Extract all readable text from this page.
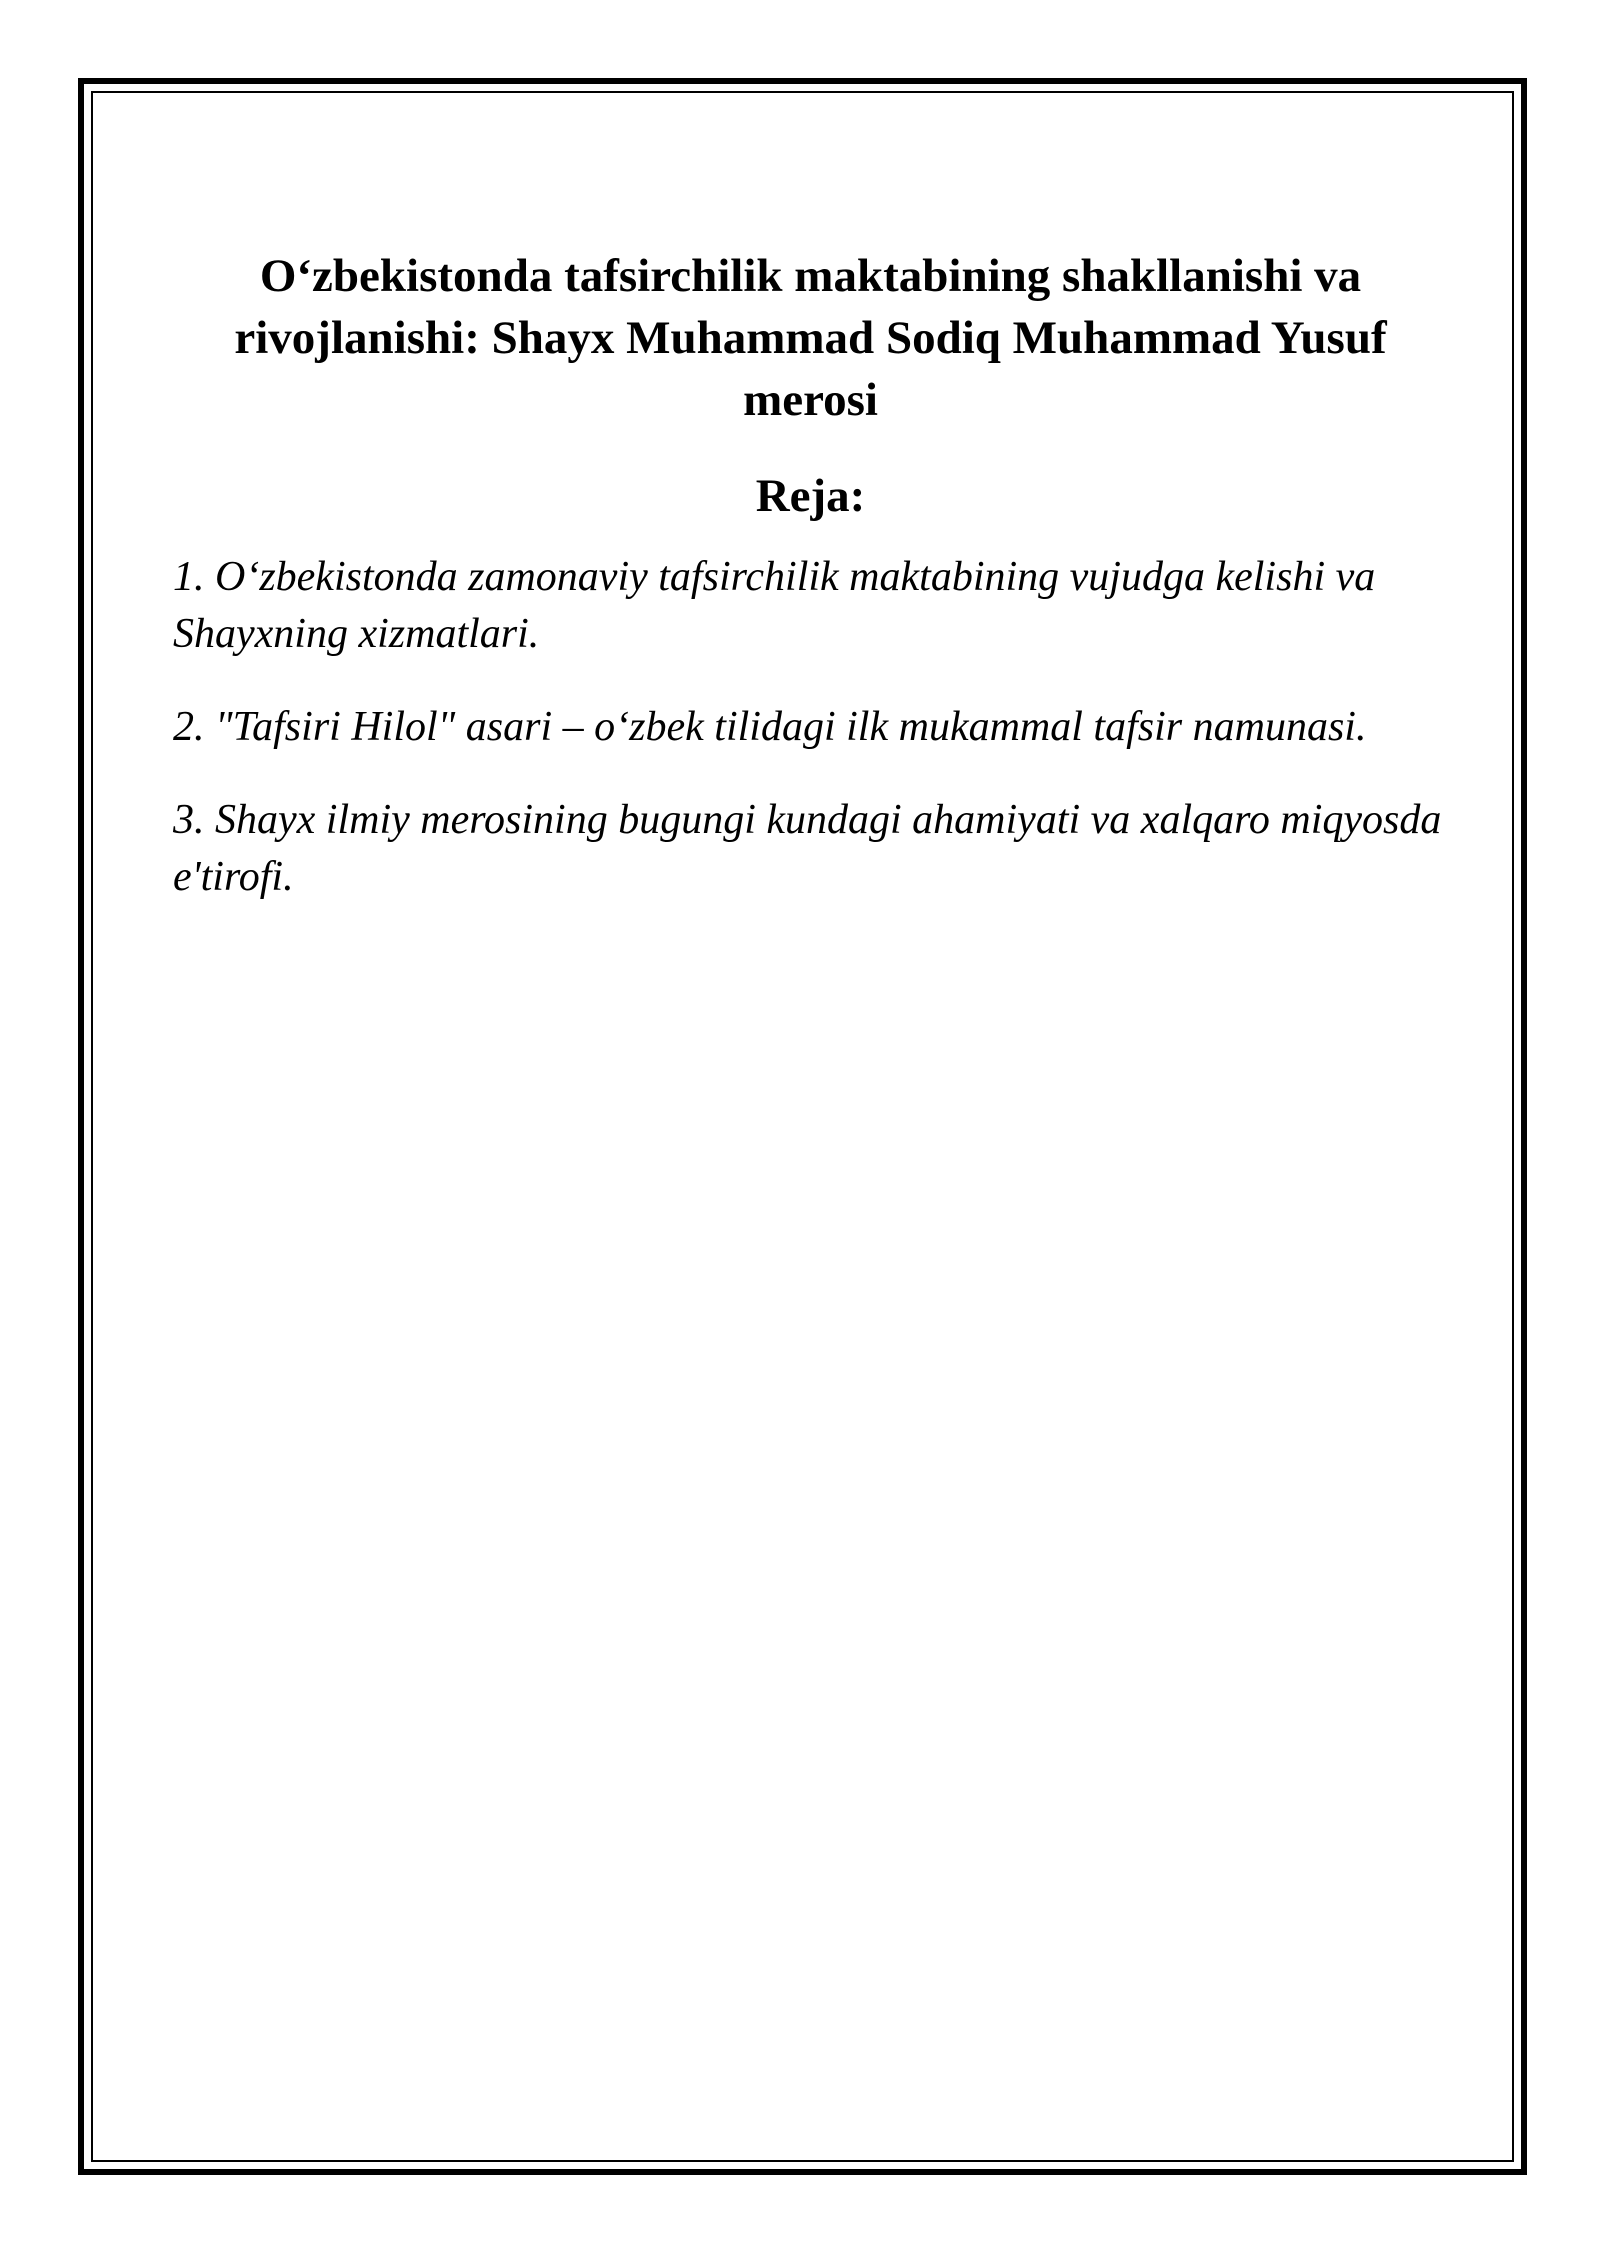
O‘zbekistonda tafsirchilik maktabining shakllanishi va rivojlanishi: Shayx Muhammad Sodiq Muhammad Yusuf merosi
Reja:
1. O‘zbekistonda zamonaviy tafsirchilik maktabining vujudga kelishi va Shayxning xizmatlari.
2. "Tafsiri Hilol" asari – o‘zbek tilidagi ilk mukammal tafsir namunasi.
3. Shayx ilmiy merosining bugungi kundagi ahamiyati va xalqaro miqyosda e'tirofi.
